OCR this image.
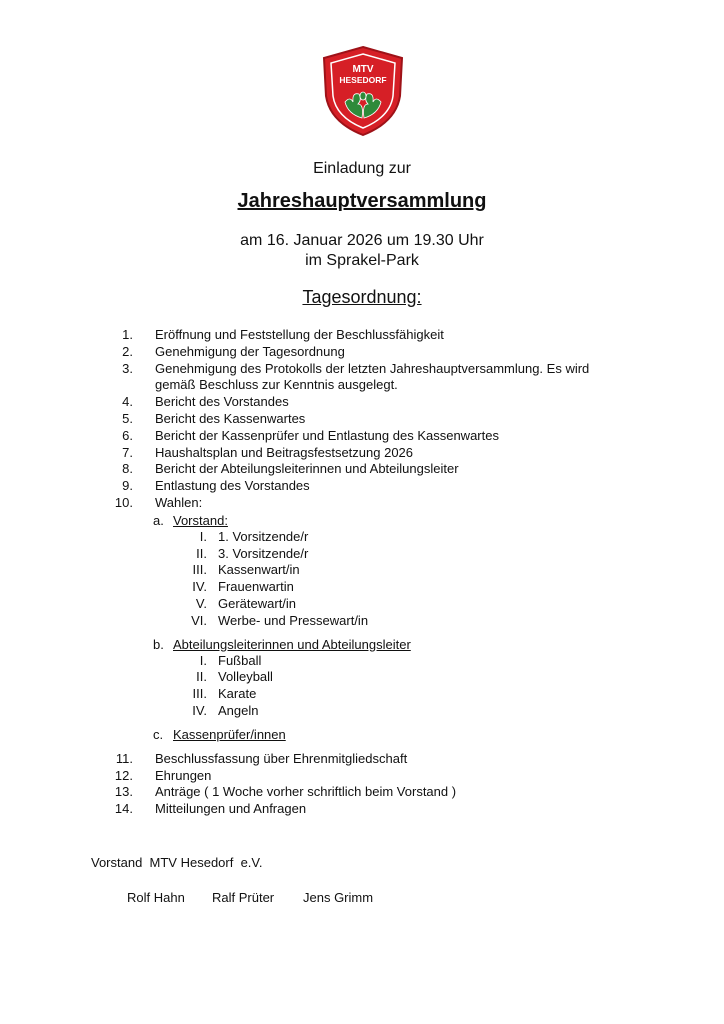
MTV
HESEDORF
Einladung zur
Jahreshauptversammlung
am 16. Januar 2026 um 19.30 Uhr
im Sprakel-Park
Tagesordnung:
1. Eröffnung und Feststellung der Beschlussfähigkeit
2. Genehmigung der Tagesordnung
3. Genehmigung des Protokolls der letzten Jahreshauptversammlung. Es wird gemäß Beschluss zur Kenntnis ausgelegt.
4. Bericht des Vorstandes
5. Bericht des Kassenwartes
6. Bericht der Kassenprüfer und Entlastung des Kassenwartes
7. Haushaltsplan und Beitragsfestsetzung 2026
8. Bericht der Abteilungsleiterinnen und Abteilungsleiter
9. Entlastung des Vorstandes
10. Wahlen:
a. Vorstand:
I. 1. Vorsitzende/r
II. 3. Vorsitzende/r
III. Kassenwart/in
IV. Frauenwartin
V. Gerätewart/in
VI. Werbe- und Pressewart/in
b. Abteilungsleiterinnen und Abteilungsleiter
I. Fußball
II. Volleyball
III. Karate
IV. Angeln
c. Kassenprüfer/innen
11. Beschlussfassung über Ehrenmitgliedschaft
12. Ehrungen
13. Anträge ( 1 Woche vorher schriftlich beim Vorstand )
14. Mitteilungen und Anfragen
Vorstand  MTV Hesedorf  e.V.
Rolf Hahn Ralf Prüter Jens Grimm
